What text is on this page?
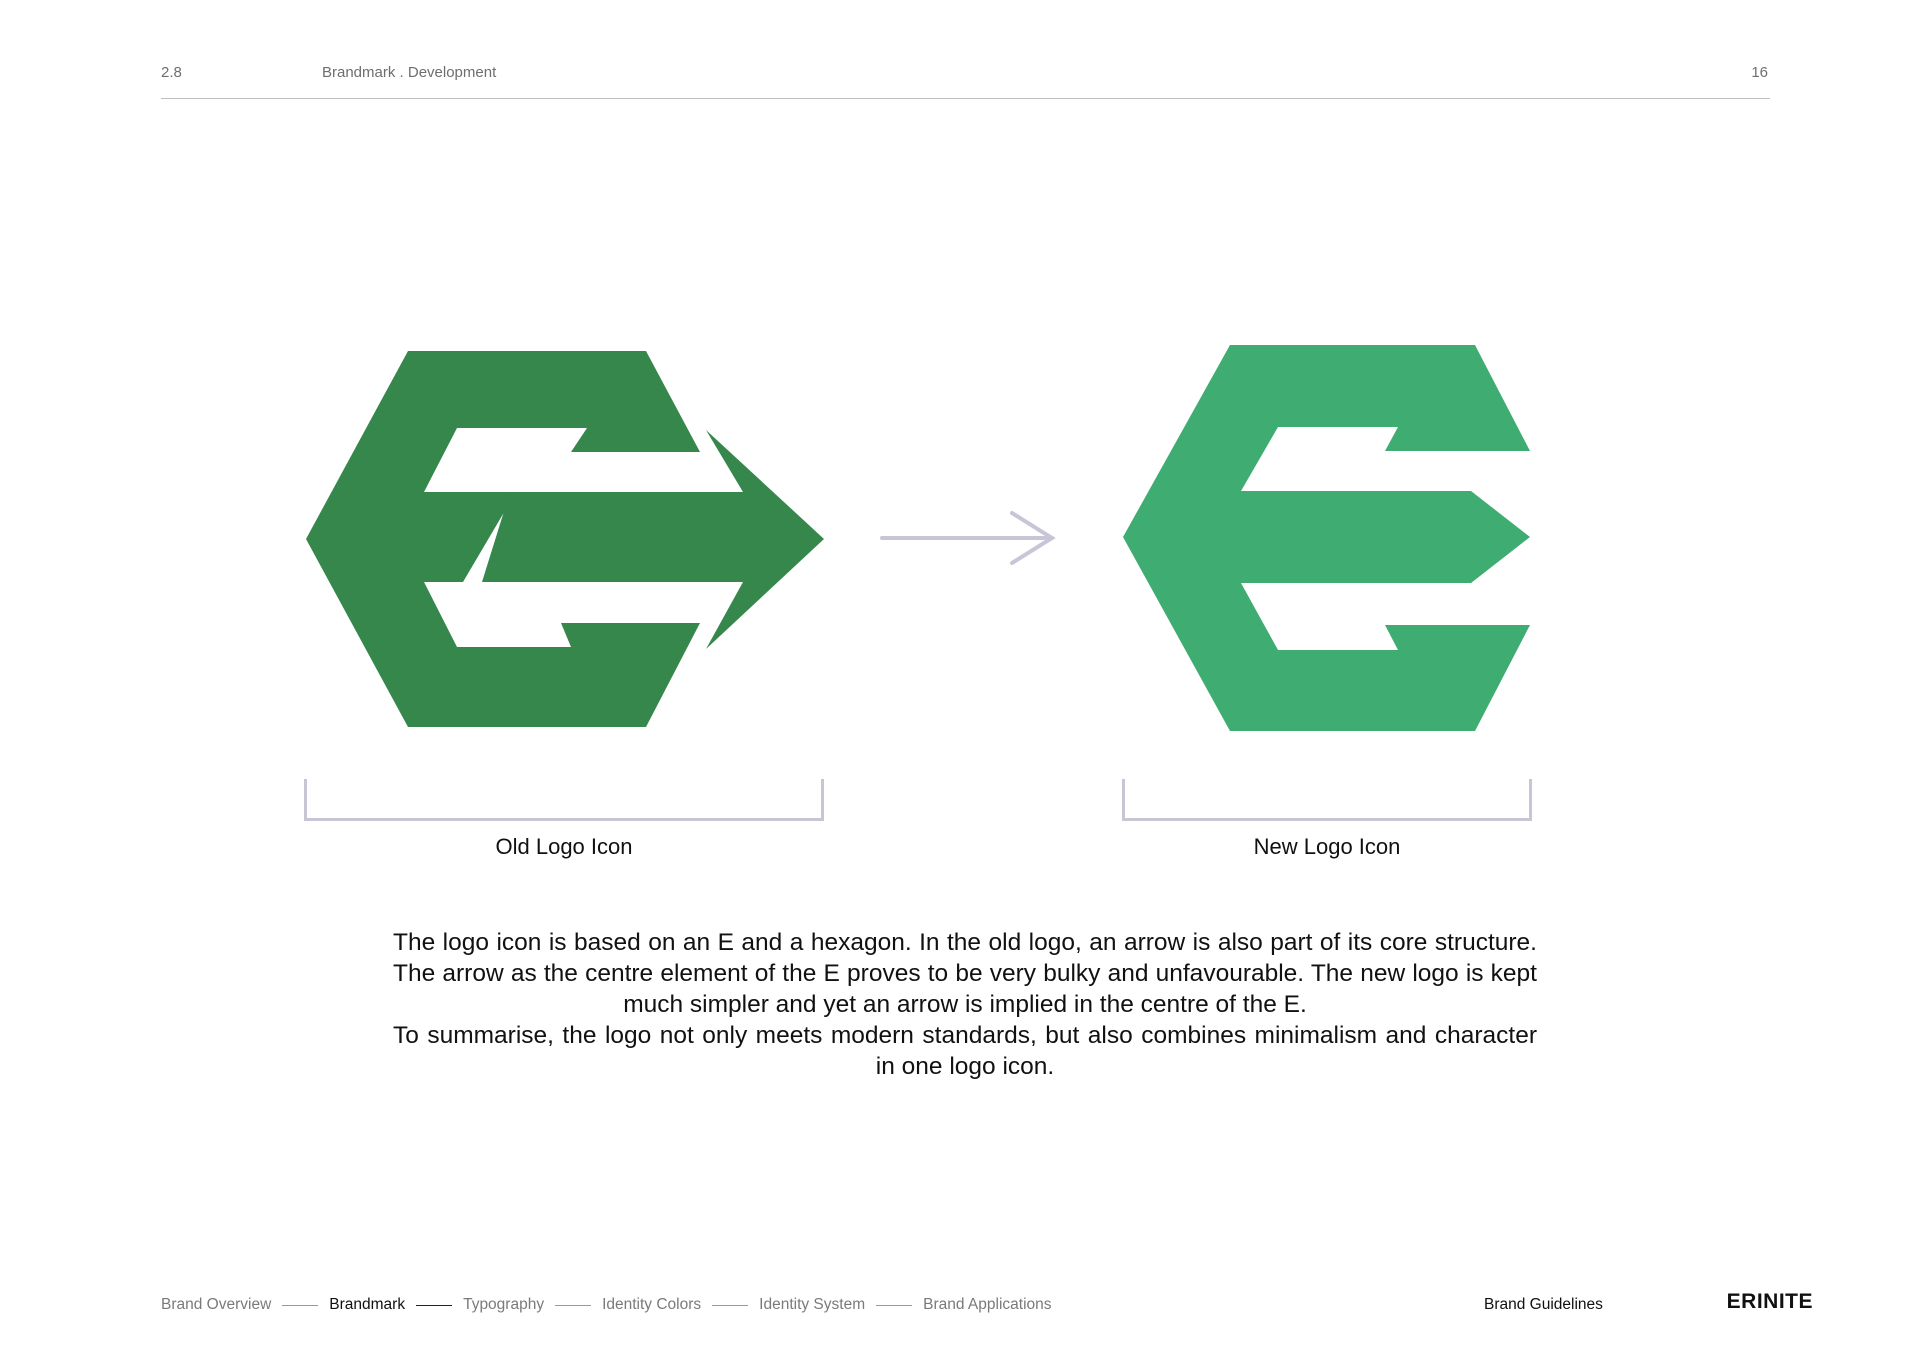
2.8	Brandmark . Development	16
Old Logo Icon	New Logo Icon

The logo icon is based on an E and a hexagon. In the old logo, an arrow is also part of its core structure. The arrow as the centre element of the E proves to be very bulky and unfavourable. The new logo is kept much simpler and yet an arrow is implied in the centre of the E.

To summarise, the logo not only meets modern standards, but also combines minimalism and character in one logo icon.

Brand Overview	Brandmark	Typography	Identity Colors	Identity System	Brand Applications	Brand Guidelines	ERINITE
